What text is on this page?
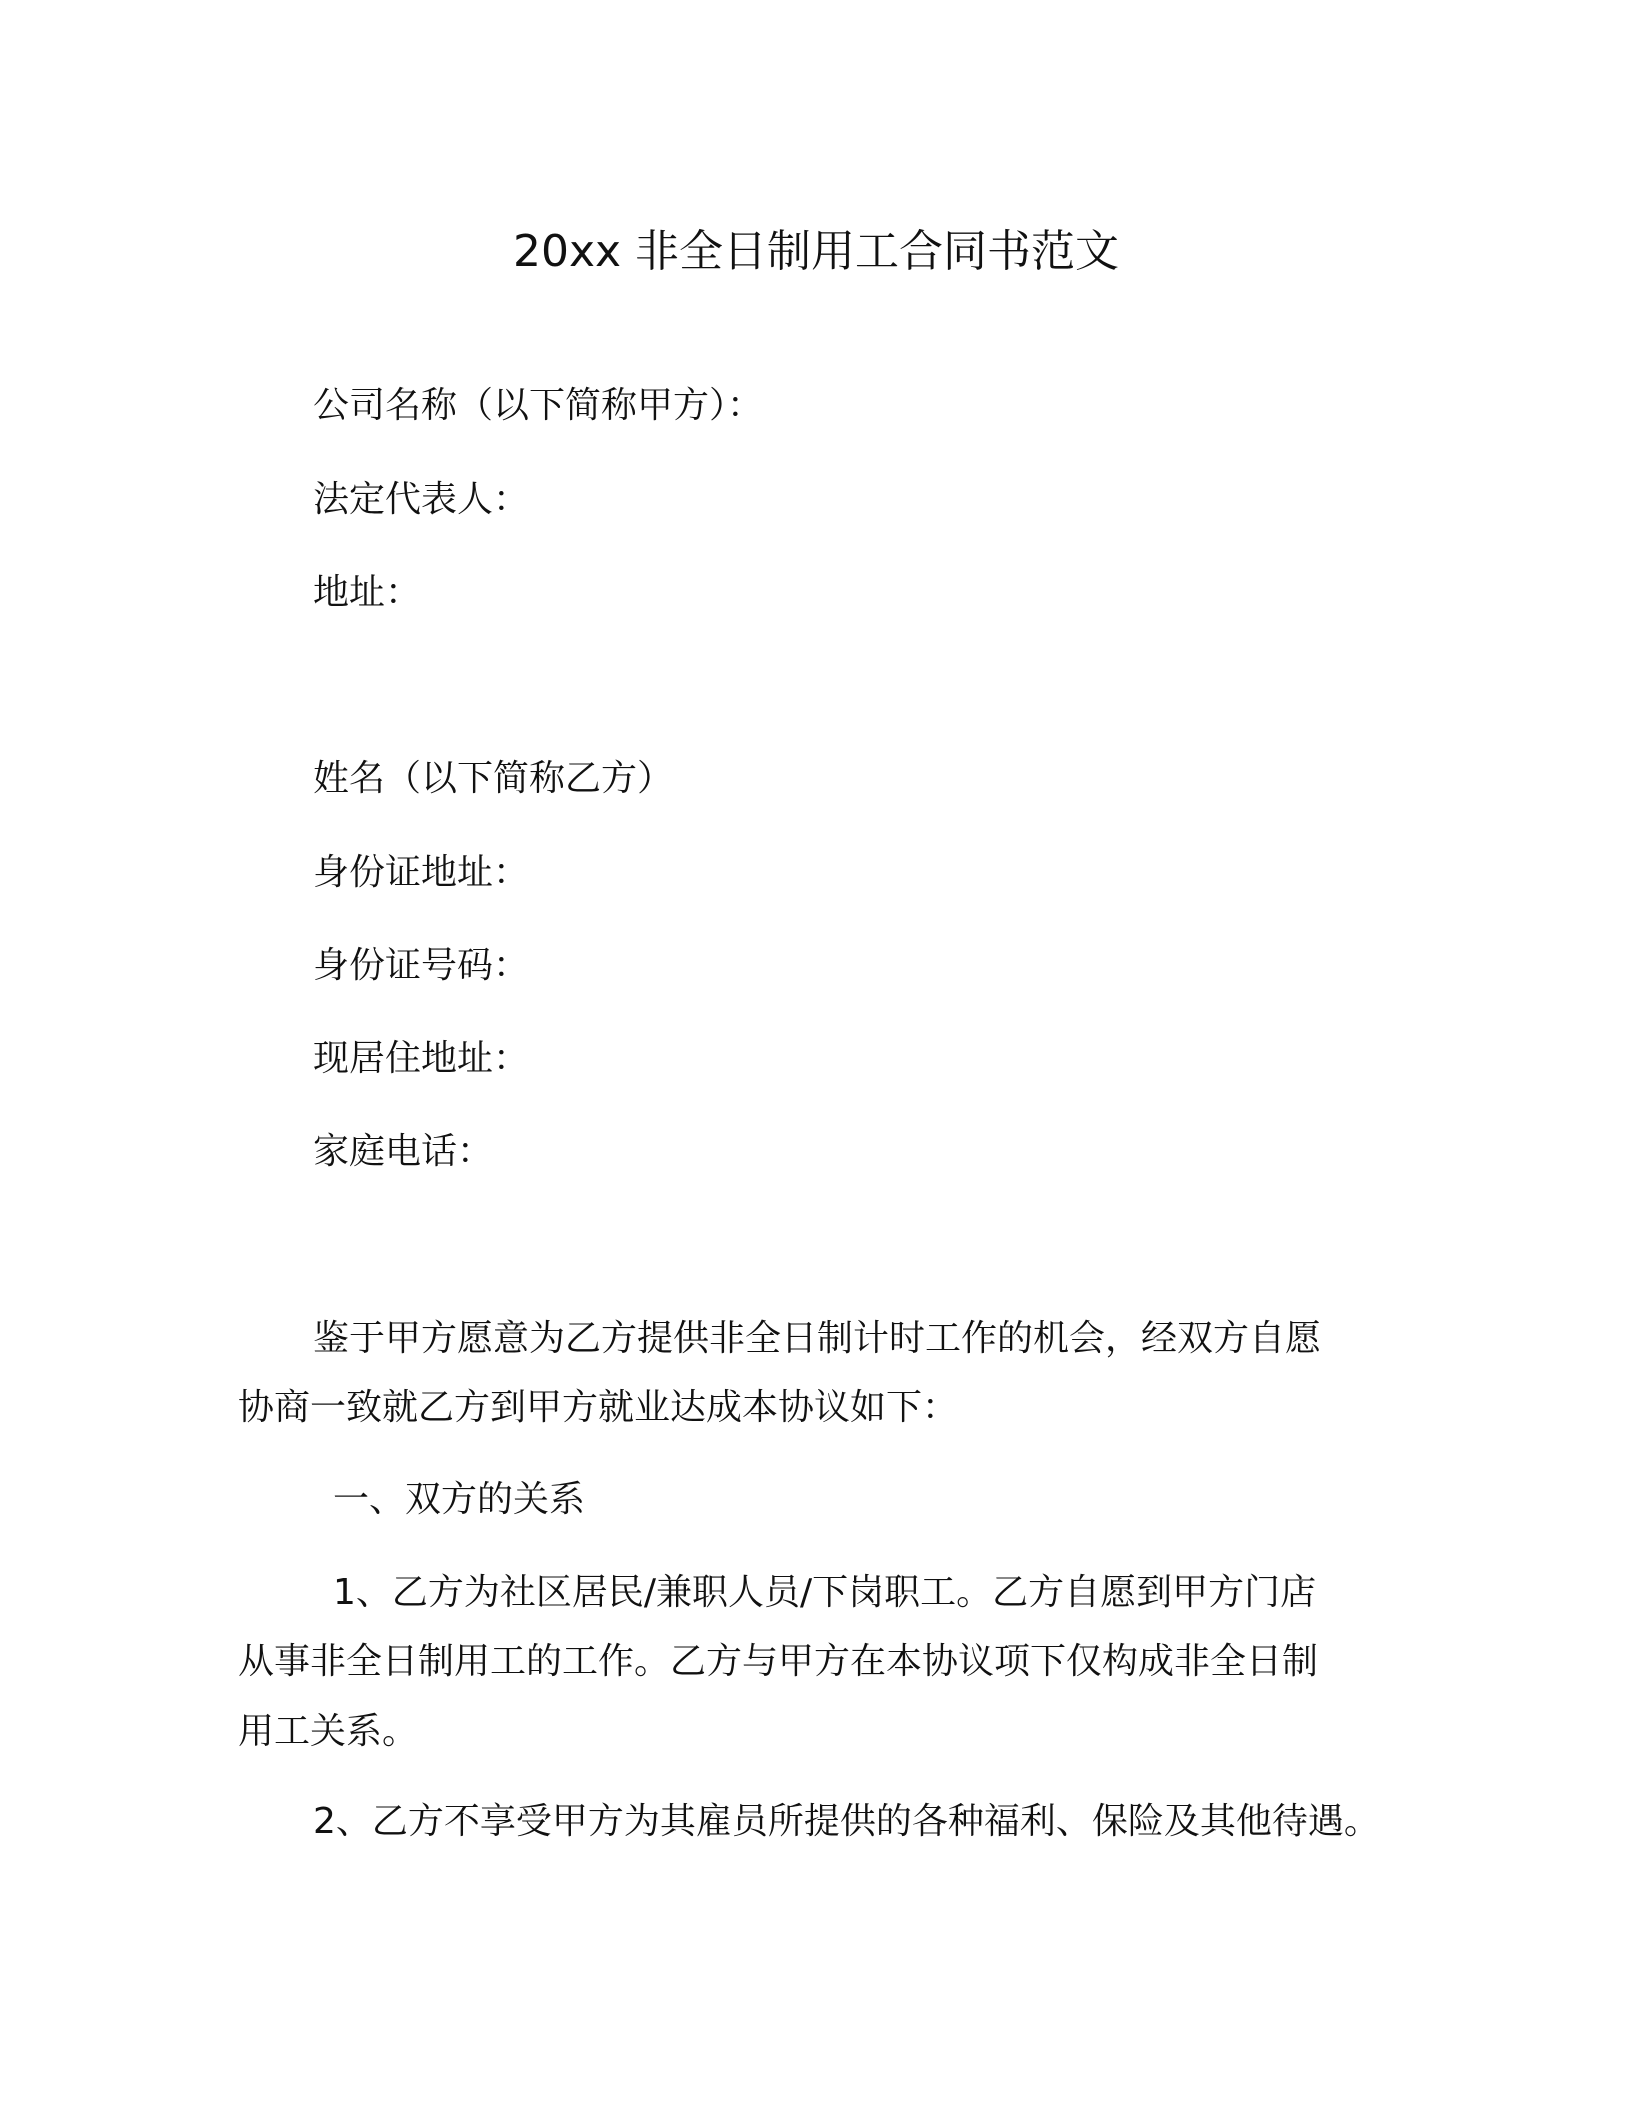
20xx 非全日制用工合同书范文
公司名称（以下简称甲方）：
法定代表人：
地址：
姓名（以下简称乙方）
身份证地址：
身份证号码：
现居住地址：
家庭电话：
鉴于甲方愿意为乙方提供非全日制计时工作的机会，经双方自愿
协商一致就乙方到甲方就业达成本协议如下：
一、双方的关系
1、乙方为社区居民/兼职人员/下岗职工。乙方自愿到甲方门店
从事非全日制用工的工作。乙方与甲方在本协议项下仅构成非全日制
用工关系。
2、乙方不享受甲方为其雇员所提供的各种福利、保险及其他待遇。
